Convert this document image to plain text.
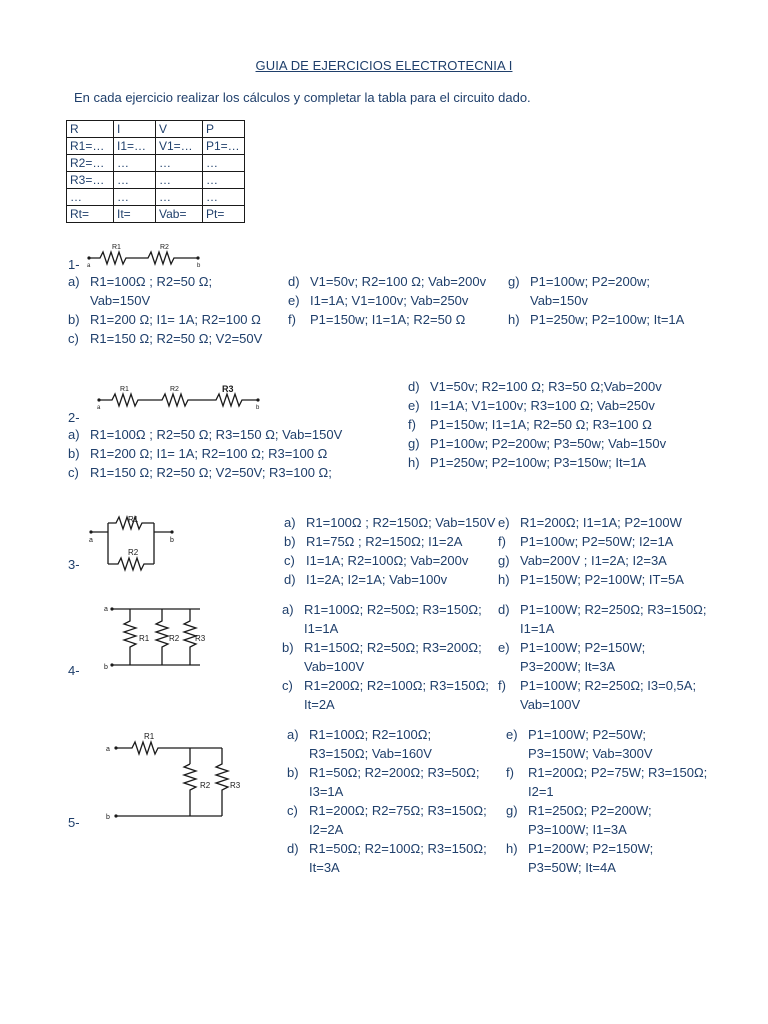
GUIA DE EJERCICIOS ELECTROTECNIA I
En cada ejercicio realizar los cálculos y completar la tabla para el circuito dado.
R	I	V	P
R1=…	I1=…	V1=…	P1=…
R2=…	…	…	…
R3=…	…	…	…
…	…	…	…
Rt=	It=	Vab=	Pt=
R1	R2
a	b
R1	R2	R3
a	b
R1
R2
a	b
R1 R2 R3
a
b
R1
R2 R3
a
b
1-
2-
3-
4-
5-
a) R1=100Ω ; R2=50 Ω;
Vab=150V
b) R1=200 Ω; I1= 1A; R2=100 Ω
c) R1=150 Ω; R2=50 Ω; V2=50V
d) V1=50v; R2=100 Ω; Vab=200v
e) I1=1A; V1=100v; Vab=250v
f) P1=150w; I1=1A; R2=50 Ω
g) P1=100w; P2=200w;
Vab=150v
h) P1=250w; P2=100w; It=1A
a) R1=100Ω ; R2=50 Ω; R3=150 Ω; Vab=150V
b) R1=200 Ω; I1= 1A; R2=100 Ω; R3=100 Ω
c) R1=150 Ω; R2=50 Ω; V2=50V; R3=100 Ω;
d) V1=50v; R2=100 Ω; R3=50 Ω;Vab=200v
e) I1=1A; V1=100v; R3=100 Ω; Vab=250v
f) P1=150w; I1=1A; R2=50 Ω; R3=100 Ω
g) P1=100w; P2=200w; P3=50w; Vab=150v
h) P1=250w; P2=100w; P3=150w; It=1A
a) R1=100Ω ; R2=150Ω; Vab=150V
b) R1=75Ω ; R2=150Ω; I1=2A
c) I1=1A; R2=100Ω; Vab=200v
d) I1=2A; I2=1A; Vab=100v
e) R1=200Ω; I1=1A; P2=100W
f) P1=100w; P2=50W; I2=1A
g) Vab=200V ; I1=2A; I2=3A
h) P1=150W; P2=100W; IT=5A
a) R1=100Ω; R2=50Ω; R3=150Ω;
I1=1A
b) R1=150Ω; R2=50Ω; R3=200Ω;
Vab=100V
c) R1=200Ω; R2=100Ω; R3=150Ω;
It=2A
d) P1=100W; R2=250Ω; R3=150Ω;
I1=1A
e) P1=100W; P2=150W;
P3=200W; It=3A
f) P1=100W; R2=250Ω; I3=0,5A;
Vab=100V
a) R1=100Ω; R2=100Ω;
R3=150Ω; Vab=160V
b) R1=50Ω; R2=200Ω; R3=50Ω;
I3=1A
c) R1=200Ω; R2=75Ω; R3=150Ω;
I2=2A
d) R1=50Ω; R2=100Ω; R3=150Ω;
It=3A
e) P1=100W; P2=50W;
P3=150W; Vab=300V
f) R1=200Ω; P2=75W; R3=150Ω;
I2=1
g) R1=250Ω; P2=200W;
P3=100W; I1=3A
h) P1=200W; P2=150W;
P3=50W; It=4A
